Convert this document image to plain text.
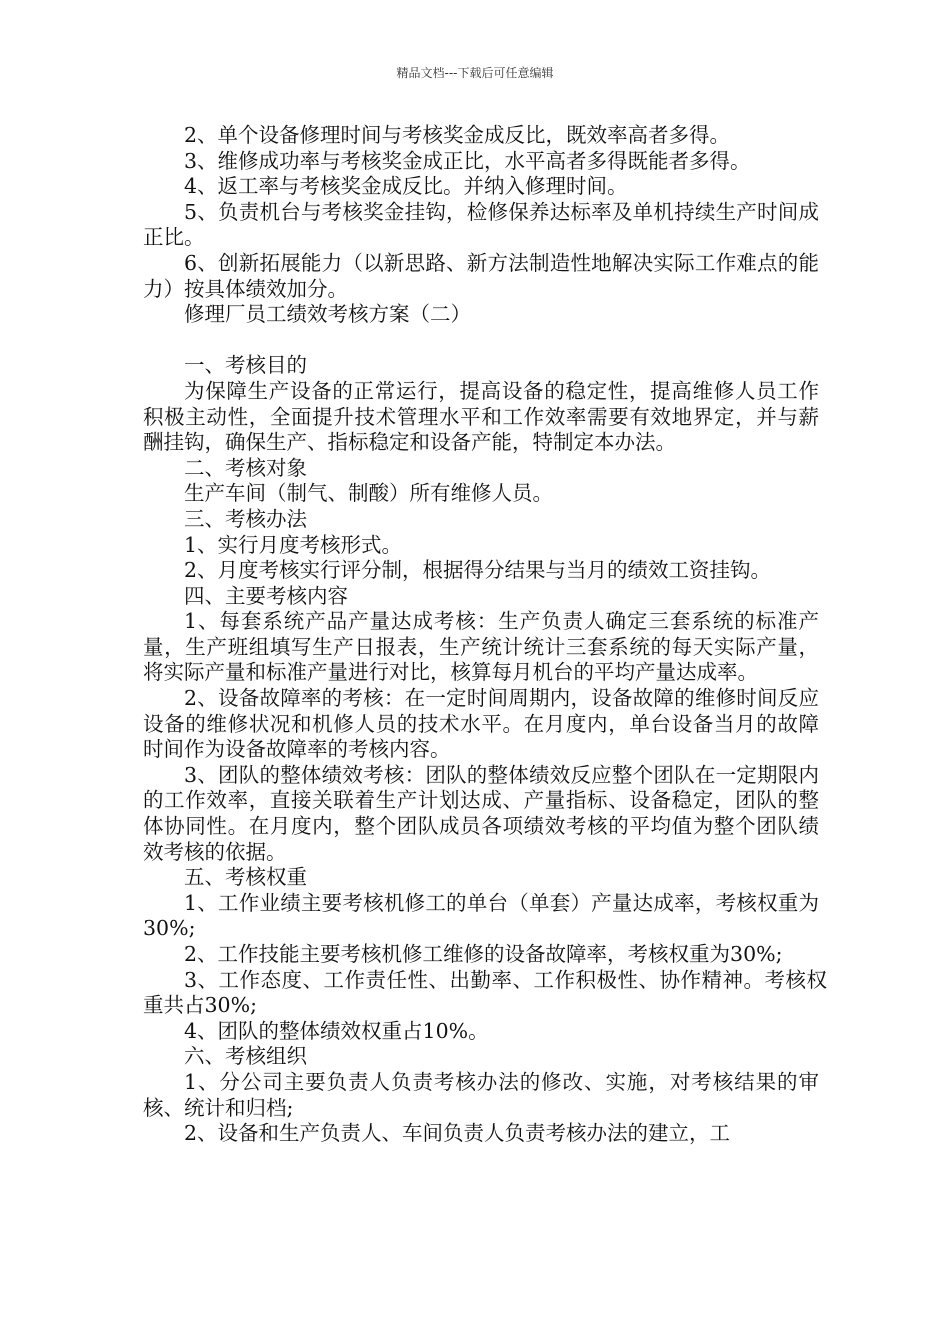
精品文档---下载后可任意编辑

2、单个设备修理时间与考核奖金成反比，既效率高者多得。

3、维修成功率与考核奖金成正比，水平高者多得既能者多得。

4、返工率与考核奖金成反比。并纳入修理时间。

5、负责机台与考核奖金挂钩，检修保养达标率及单机持续生产时间成正比。

6、创新拓展能力（以新思路、新方法制造性地解决实际工作难点的能力）按具体绩效加分。

修理厂员工绩效考核方案（二）

一、考核目的

为保障生产设备的正常运行，提高设备的稳定性，提高维修人员工作积极主动性，全面提升技术管理水平和工作效率需要有效地界定，并与薪酬挂钩，确保生产、指标稳定和设备产能，特制定本办法。

二、考核对象

生产车间（制气、制酸）所有维修人员。

三、考核办法

1、实行月度考核形式。

2、月度考核实行评分制，根据得分结果与当月的绩效工资挂钩。

四、主要考核内容

1、每套系统产品产量达成考核：生产负责人确定三套系统的标准产量，生产班组填写生产日报表，生产统计统计三套系统的每天实际产量，将实际产量和标准产量进行对比，核算每月机台的平均产量达成率。

2、设备故障率的考核：在一定时间周期内，设备故障的维修时间反应设备的维修状况和机修人员的技术水平。在月度内，单台设备当月的故障时间作为设备故障率的考核内容。

3、团队的整体绩效考核：团队的整体绩效反应整个团队在一定期限内的工作效率，直接关联着生产计划达成、产量指标、设备稳定，团队的整体协同性。在月度内，整个团队成员各项绩效考核的平均值为整个团队绩效考核的依据。

五、考核权重

1、工作业绩主要考核机修工的单台（单套）产量达成率，考核权重为30%;

2、工作技能主要考核机修工维修的设备故障率，考核权重为30%;

3、工作态度、工作责任性、出勤率、工作积极性、协作精神。考核权重共占30%;

4、团队的整体绩效权重占10%。

六、考核组织

1、分公司主要负责人负责考核办法的修改、实施，对考核结果的审核、统计和归档;

2、设备和生产负责人、车间负责人负责考核办法的建立，工
